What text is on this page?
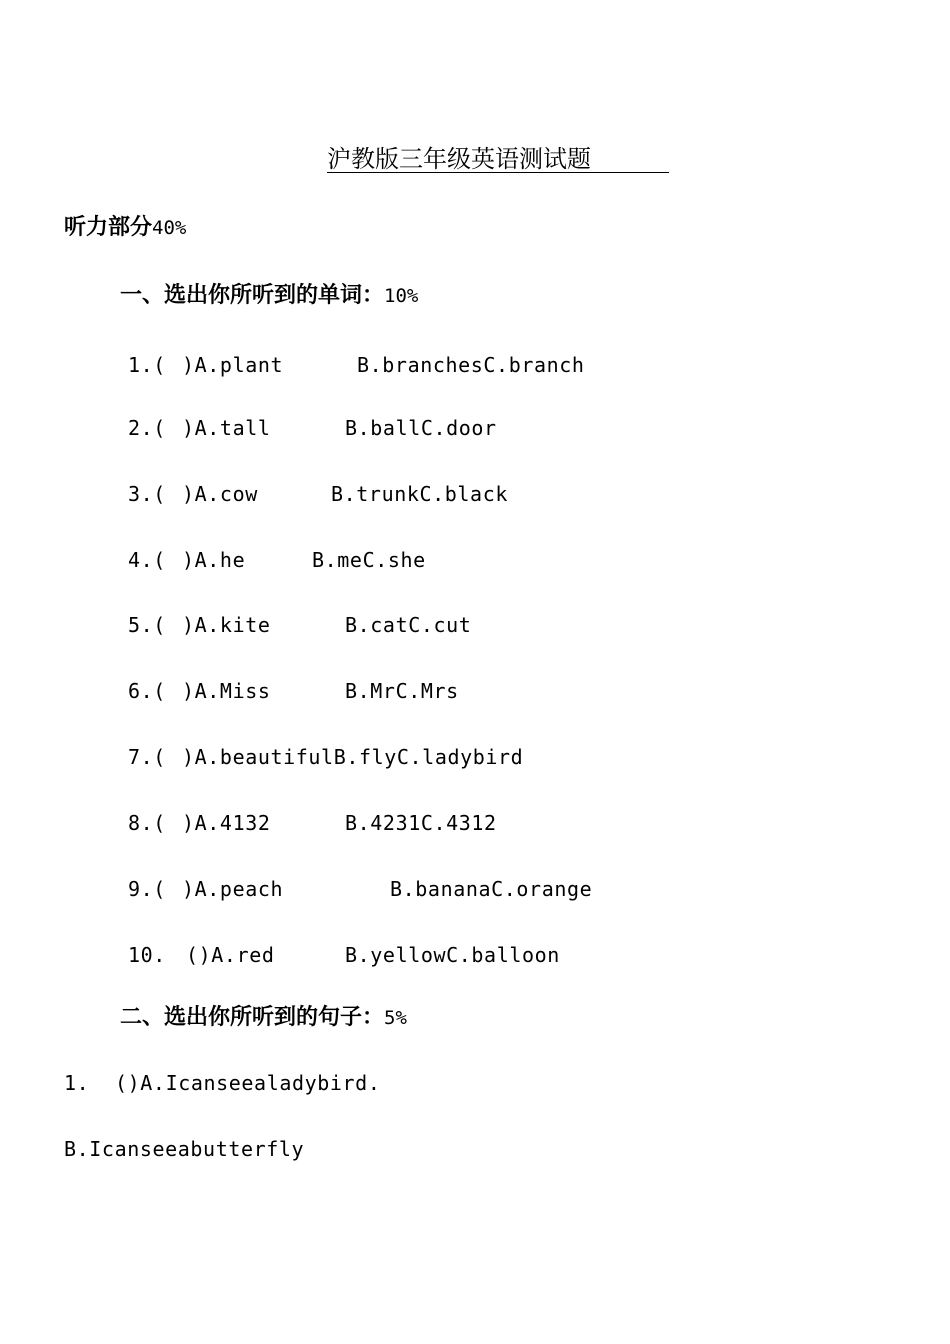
沪教版三年级英语测试题
听力部分40%
一、选出你所听到的单词：10%
1.( )A.plant	B.branchesC.branch
2.( )A.tall	B.ballC.door
3.( )A.cow	B.trunkC.black
4.( )A.he	B.meC.she
5.( )A.kite	B.catC.cut
6.( )A.Miss	B.MrC.Mrs
7.( )A.beautifulB.flyC.ladybird
8.( )A.4132	B.4231C.4312
9.( )A.peach	B.bananaC.orange
10. ()A.red	B.yellowC.balloon
二、选出你所听到的句子：5%
1. ()A.Icanseealadybird.
B.Icanseeabutterfly
